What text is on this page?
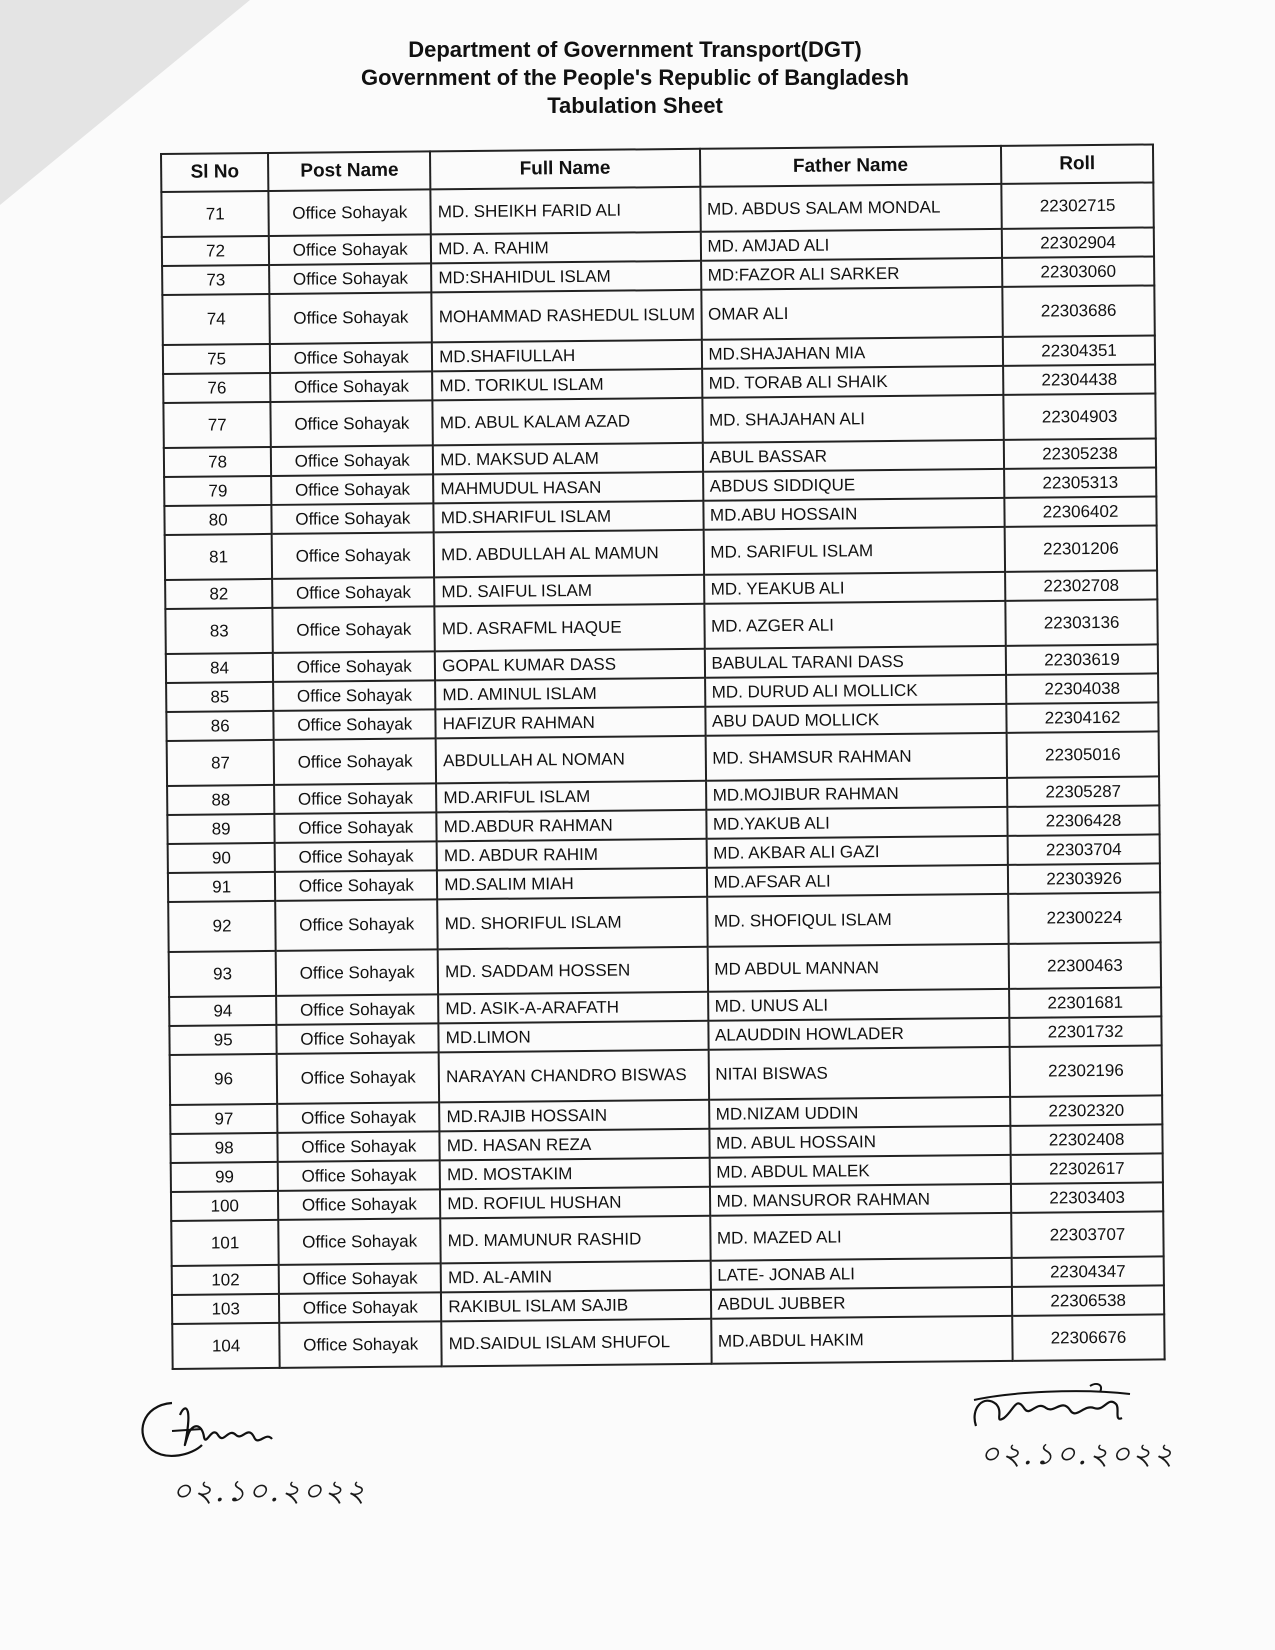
Department of Government Transport(DGT)
Government of the People's Republic of Bangladesh
Tabulation Sheet
Sl No	Post Name	Full Name	Father Name	Roll
71	Office Sohayak	MD. SHEIKH FARID ALI	MD. ABDUS SALAM MONDAL	22302715
72	Office Sohayak	MD. A. RAHIM	MD. AMJAD ALI	22302904
73	Office Sohayak	MD:SHAHIDUL ISLAM	MD:FAZOR ALI SARKER	22303060
74	Office Sohayak	MOHAMMAD RASHEDUL ISLUM	OMAR ALI	22303686
75	Office Sohayak	MD.SHAFIULLAH	MD.SHAJAHAN MIA	22304351
76	Office Sohayak	MD. TORIKUL ISLAM	MD. TORAB ALI SHAIK	22304438
77	Office Sohayak	MD. ABUL KALAM AZAD	MD. SHAJAHAN ALI	22304903
78	Office Sohayak	MD. MAKSUD ALAM	ABUL BASSAR	22305238
79	Office Sohayak	MAHMUDUL HASAN	ABDUS SIDDIQUE	22305313
80	Office Sohayak	MD.SHARIFUL ISLAM	MD.ABU HOSSAIN	22306402
81	Office Sohayak	MD. ABDULLAH AL MAMUN	MD. SARIFUL ISLAM	22301206
82	Office Sohayak	MD. SAIFUL ISLAM	MD. YEAKUB ALI	22302708
83	Office Sohayak	MD. ASRAFML HAQUE	MD. AZGER ALI	22303136
84	Office Sohayak	GOPAL KUMAR DASS	BABULAL TARANI DASS	22303619
85	Office Sohayak	MD. AMINUL ISLAM	MD. DURUD ALI MOLLICK	22304038
86	Office Sohayak	HAFIZUR RAHMAN	ABU DAUD MOLLICK	22304162
87	Office Sohayak	ABDULLAH AL NOMAN	MD. SHAMSUR RAHMAN	22305016
88	Office Sohayak	MD.ARIFUL ISLAM	MD.MOJIBUR RAHMAN	22305287
89	Office Sohayak	MD.ABDUR RAHMAN	MD.YAKUB ALI	22306428
90	Office Sohayak	MD. ABDUR RAHIM	MD. AKBAR ALI GAZI	22303704
91	Office Sohayak	MD.SALIM MIAH	MD.AFSAR ALI	22303926
92	Office Sohayak	MD. SHORIFUL ISLAM	MD. SHOFIQUL ISLAM	22300224
93	Office Sohayak	MD. SADDAM HOSSEN	MD ABDUL MANNAN	22300463
94	Office Sohayak	MD. ASIK-A-ARAFATH	MD. UNUS ALI	22301681
95	Office Sohayak	MD.LIMON	ALAUDDIN HOWLADER	22301732
96	Office Sohayak	NARAYAN CHANDRO BISWAS	NITAI BISWAS	22302196
97	Office Sohayak	MD.RAJIB HOSSAIN	MD.NIZAM UDDIN	22302320
98	Office Sohayak	MD. HASAN REZA	MD. ABUL HOSSAIN	22302408
99	Office Sohayak	MD. MOSTAKIM	MD. ABDUL MALEK	22302617
100	Office Sohayak	MD. ROFIUL HUSHAN	MD. MANSUROR RAHMAN	22303403
101	Office Sohayak	MD. MAMUNUR RASHID	MD. MAZED ALI	22303707
102	Office Sohayak	MD. AL-AMIN	LATE- JONAB ALI	22304347
103	Office Sohayak	RAKIBUL ISLAM SAJIB	ABDUL JUBBER	22306538
104	Office Sohayak	MD.SAIDUL ISLAM SHUFOL	MD.ABDUL HAKIM	22306676
০২.১০.২০২২
০২.১০.২০২২
